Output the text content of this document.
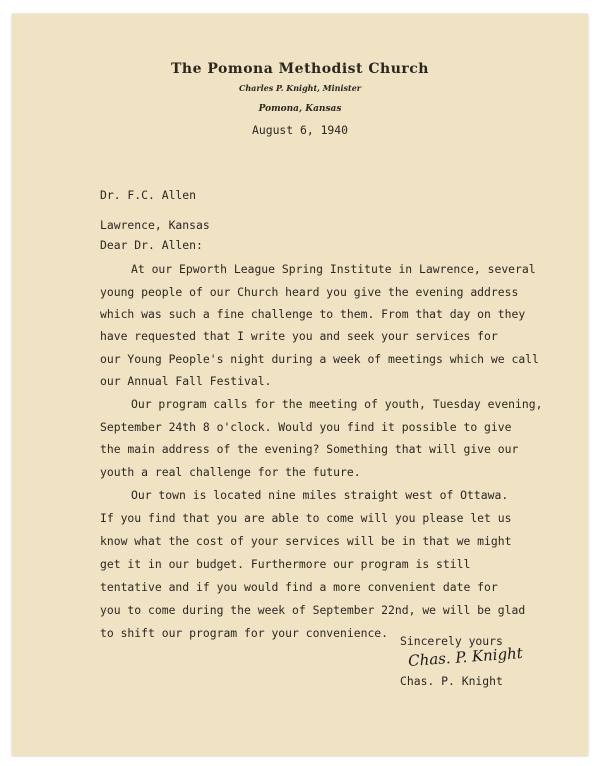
The Pomona Methodist Church
Charles P. Knight, Minister
Pomona, Kansas
August 6, 1940
Dr. F.C. Allen
Lawrence, Kansas
Dear Dr. Allen:
At our Epworth League Spring Institute in Lawrence, several
young people of our Church heard you give the evening address
which was such a fine challenge to them. From that day on they
have requested that I write you and seek your services for
our Young People's night during a week of meetings which we call
our Annual Fall Festival.
Our program calls for the meeting of youth, Tuesday evening,
September 24th 8 o'clock. Would you find it possible to give
the main address of the evening? Something that will give our
youth a real challenge for the future.
Our town is located nine miles straight west of Ottawa.
If you find that you are able to come will you please let us
know what the cost of your services will be in that we might
get it in our budget. Furthermore our program is still
tentative and if you would find a more convenient date for
you to come during the week of September 22nd, we will be glad
to shift our program for your convenience.
Sincerely yours
Chas. P. Knight
Chas. P. Knight
